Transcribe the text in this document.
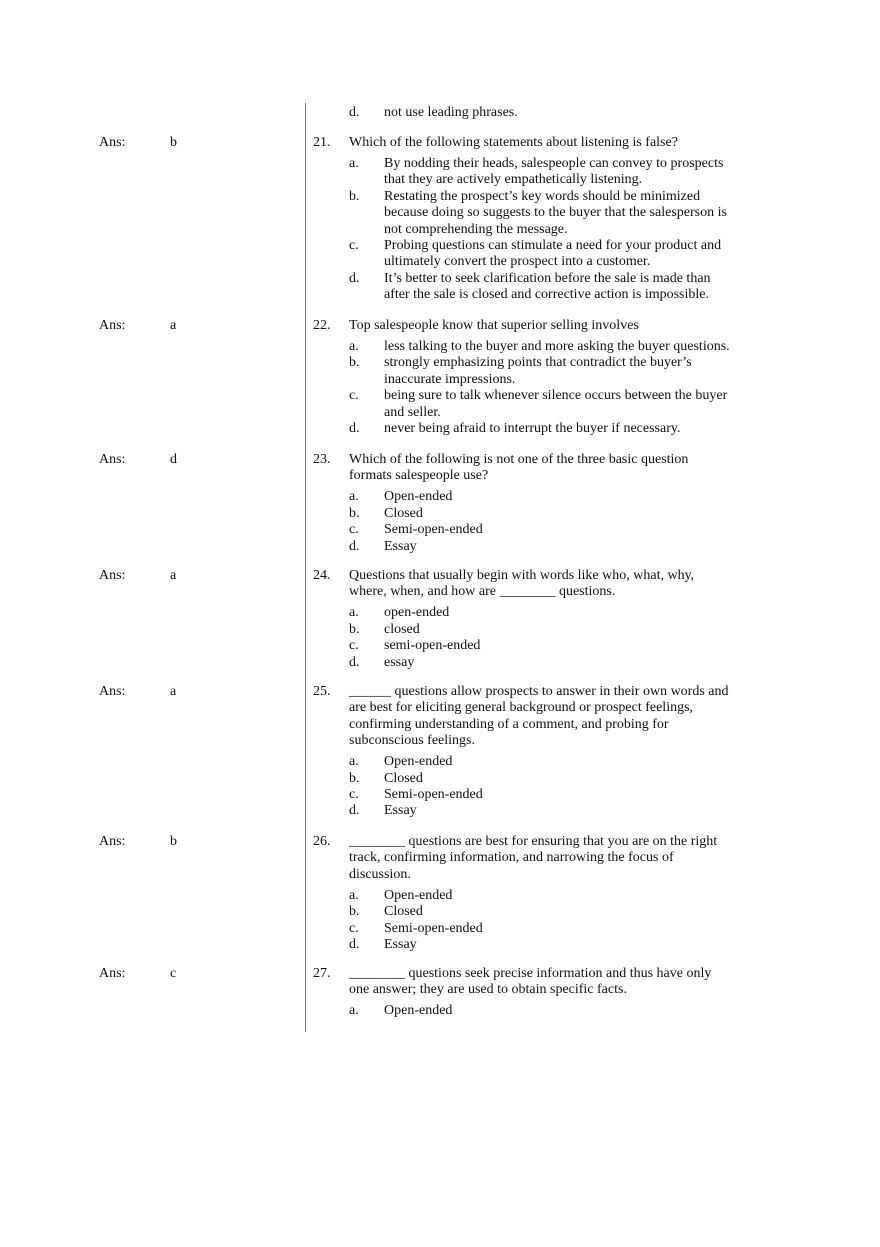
d. not use leading phrases.
Ans:	b	21. Which of the following statements about listening is false?
a. By nodding their heads, salespeople can convey to prospects
that they are actively empathetically listening.
b. Restating the prospect’s key words should be minimized
because doing so suggests to the buyer that the salesperson is
not comprehending the message.
c. Probing questions can stimulate a need for your product and
ultimately convert the prospect into a customer.
d. It’s better to seek clarification before the sale is made than
after the sale is closed and corrective action is impossible.
Ans:	a	22. Top salespeople know that superior selling involves
a. less talking to the buyer and more asking the buyer questions.
b. strongly emphasizing points that contradict the buyer’s
inaccurate impressions.
c. being sure to talk whenever silence occurs between the buyer
and seller.
d. never being afraid to interrupt the buyer if necessary.
Ans:	d	23. Which of the following is not one of the three basic question
formats salespeople use?
a. Open-ended
b. Closed
c. Semi-open-ended
d. Essay
Ans:	a	24. Questions that usually begin with words like who, what, why,
where, when, and how are ________ questions.
a. open-ended
b. closed
c. semi-open-ended
d. essay
Ans:	a	25. ______ questions allow prospects to answer in their own words and
are best for eliciting general background or prospect feelings,
confirming understanding of a comment, and probing for
subconscious feelings.
a. Open-ended
b. Closed
c. Semi-open-ended
d. Essay
Ans:	b	26. ________ questions are best for ensuring that you are on the right
track, confirming information, and narrowing the focus of
discussion.
a. Open-ended
b. Closed
c. Semi-open-ended
d. Essay
Ans:	c	27. ________ questions seek precise information and thus have only
one answer; they are used to obtain specific facts.
a. Open-ended
